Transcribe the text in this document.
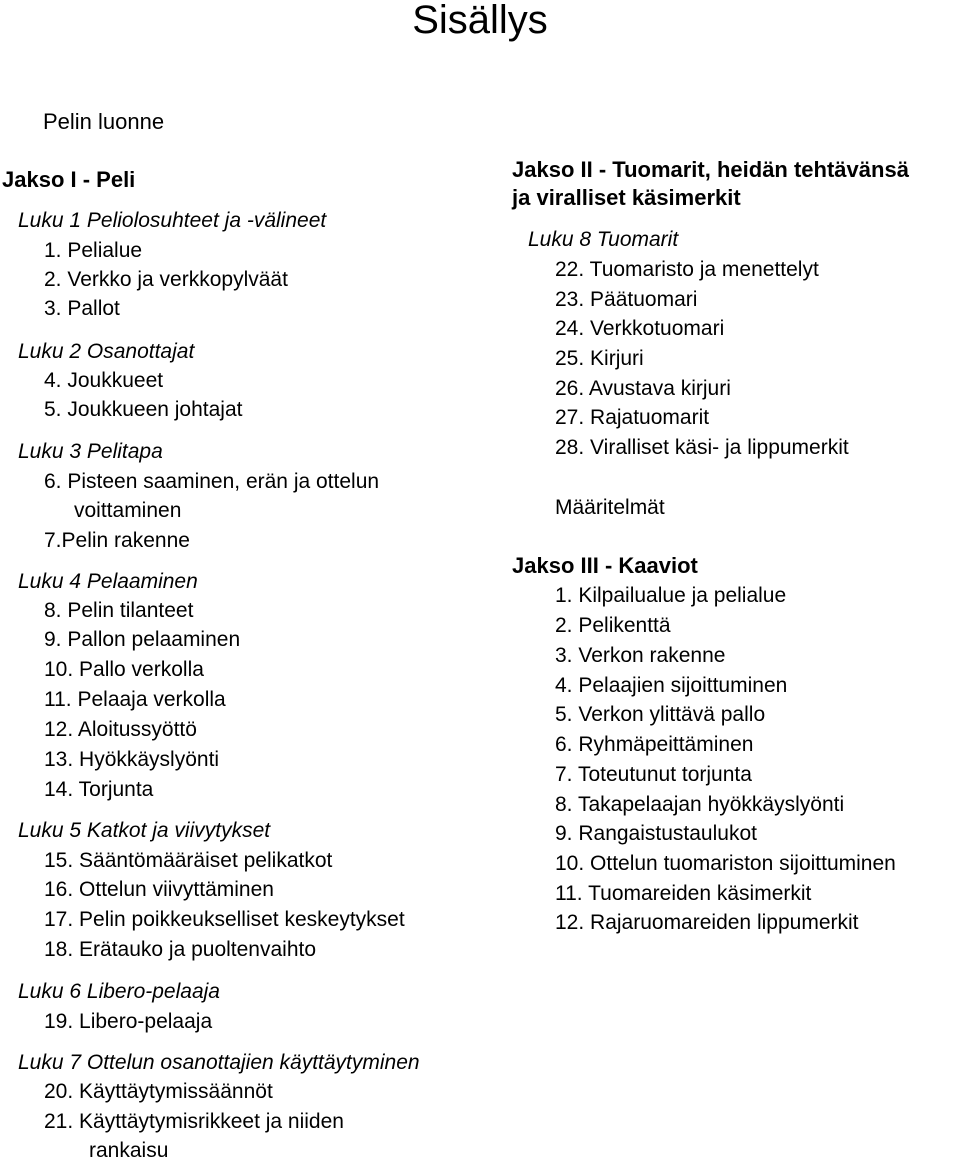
Sisällys
Pelin luonne
Jakso I - Peli
Luku 1 Peliolosuhteet ja -välineet
1. Pelialue
2. Verkko ja verkkopylväät
3. Pallot
Luku 2 Osanottajat
4. Joukkueet
5. Joukkueen johtajat
Luku 3 Pelitapa
6. Pisteen saaminen, erän ja ottelun
voittaminen
7.Pelin rakenne
Luku 4 Pelaaminen
8. Pelin tilanteet
9. Pallon pelaaminen
10. Pallo verkolla
11. Pelaaja verkolla
12. Aloitussyöttö
13. Hyökkäyslyönti
14. Torjunta
Luku 5 Katkot ja viivytykset
15. Sääntömääräiset pelikatkot
16. Ottelun viivyttäminen
17. Pelin poikkeukselliset keskeytykset
18. Erätauko ja puoltenvaihto
Luku 6 Libero-pelaaja
19. Libero-pelaaja
Luku 7 Ottelun osanottajien käyttäytyminen
20. Käyttäytymissäännöt
21. Käyttäytymisrikkeet ja niiden
rankaisu
Jakso II - Tuomarit, heidän tehtävänsä
ja viralliset käsimerkit
Luku 8 Tuomarit
22. Tuomaristo ja menettelyt
23. Päätuomari
24. Verkkotuomari
25. Kirjuri
26. Avustava kirjuri
27. Rajatuomarit
28. Viralliset käsi- ja lippumerkit
Määritelmät
Jakso III - Kaaviot
1. Kilpailualue ja pelialue
2. Pelikenttä
3. Verkon rakenne
4. Pelaajien sijoittuminen
5. Verkon ylittävä pallo
6. Ryhmäpeittäminen
7. Toteutunut torjunta
8. Takapelaajan hyökkäyslyönti
9. Rangaistustaulukot
10. Ottelun tuomariston sijoittuminen
11. Tuomareiden käsimerkit
12. Rajaruomareiden lippumerkit
